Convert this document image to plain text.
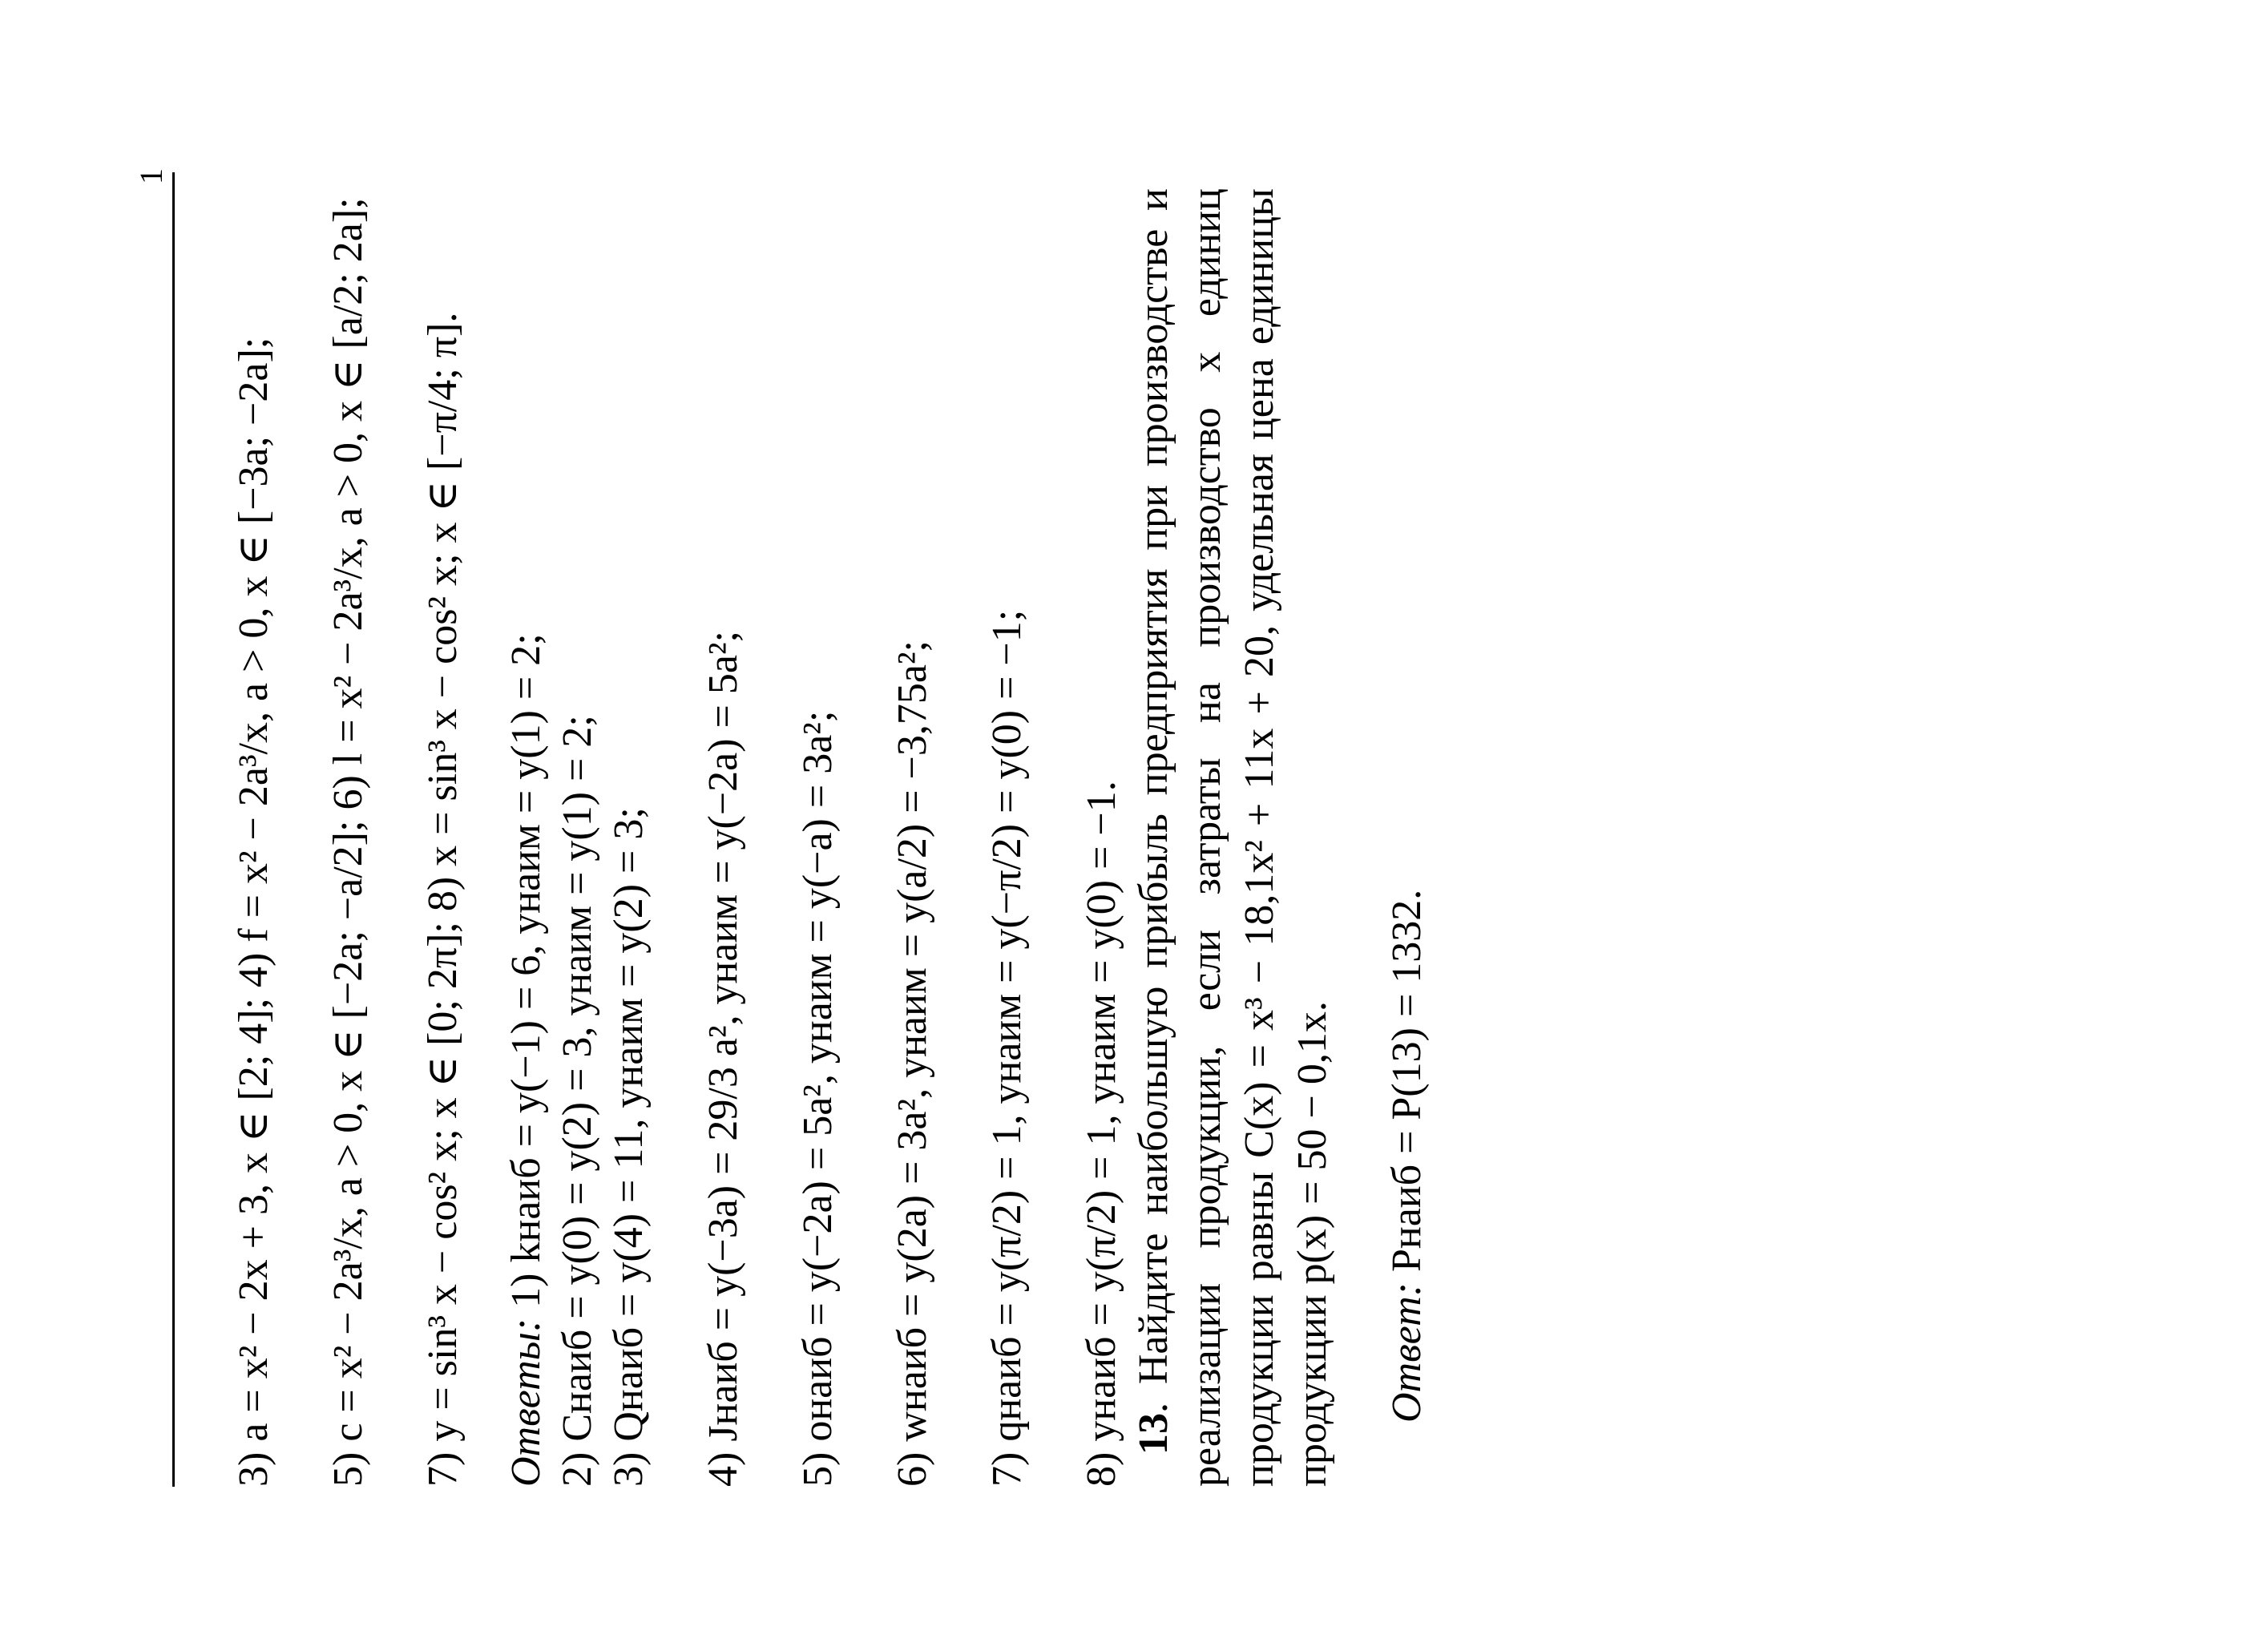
1

3) a = x² − 2x + 3, x ∈ [2; 4]; 4) f = x² − 2a³/x, a > 0, x ∈ [−3a; −2a]; 5) c = x² − 2a³/x, a > 0, x ∈ [−2a; −a/2]; 6) l = x² − 2a³/x, a > 0, x ∈ [a/2; 2a]; 7) y = sin³ x − cos² x; x ∈ [0; 2π]; 8) x = sin³ x − cos² x; x ∈ [−π/4; π]. Ответы: 1) kнаиб = y(−1) = 6, yнаим = y(1) = 2; 2) Cнаиб = y(0) = y(2) = 3, yнаим = y(1) = 2; 3) Qнаиб = y(4) = 11, yнаим = y(2) = 3; 4) Jнаиб = y(−3a) = 29/3 a², yнаим = y(−2a) = 5a²; 5) oнаиб = y(−2a) = 5a², yнаим = y(−a) = 3a²; 6) wнаиб = y(2a) = 3a², yнаим = y(a/2) = −3,75a²; 7) qнаиб = y(π/2) = 1, yнаим = y(−π/2) = y(0) = −1; 8) yнаиб = y(π/2) = 1, yнаим = y(0) = −1. 13. Найдите наибольшую прибыль предприятия при производстве и реализации продукции, если затраты на производство x единиц продукции равны C(x) = x³ − 18,1x² + 11x + 20, удельная цена единицы продукции p(x) = 50 − 0,1x. Ответ: Pнаиб = P(13) = 1332.
